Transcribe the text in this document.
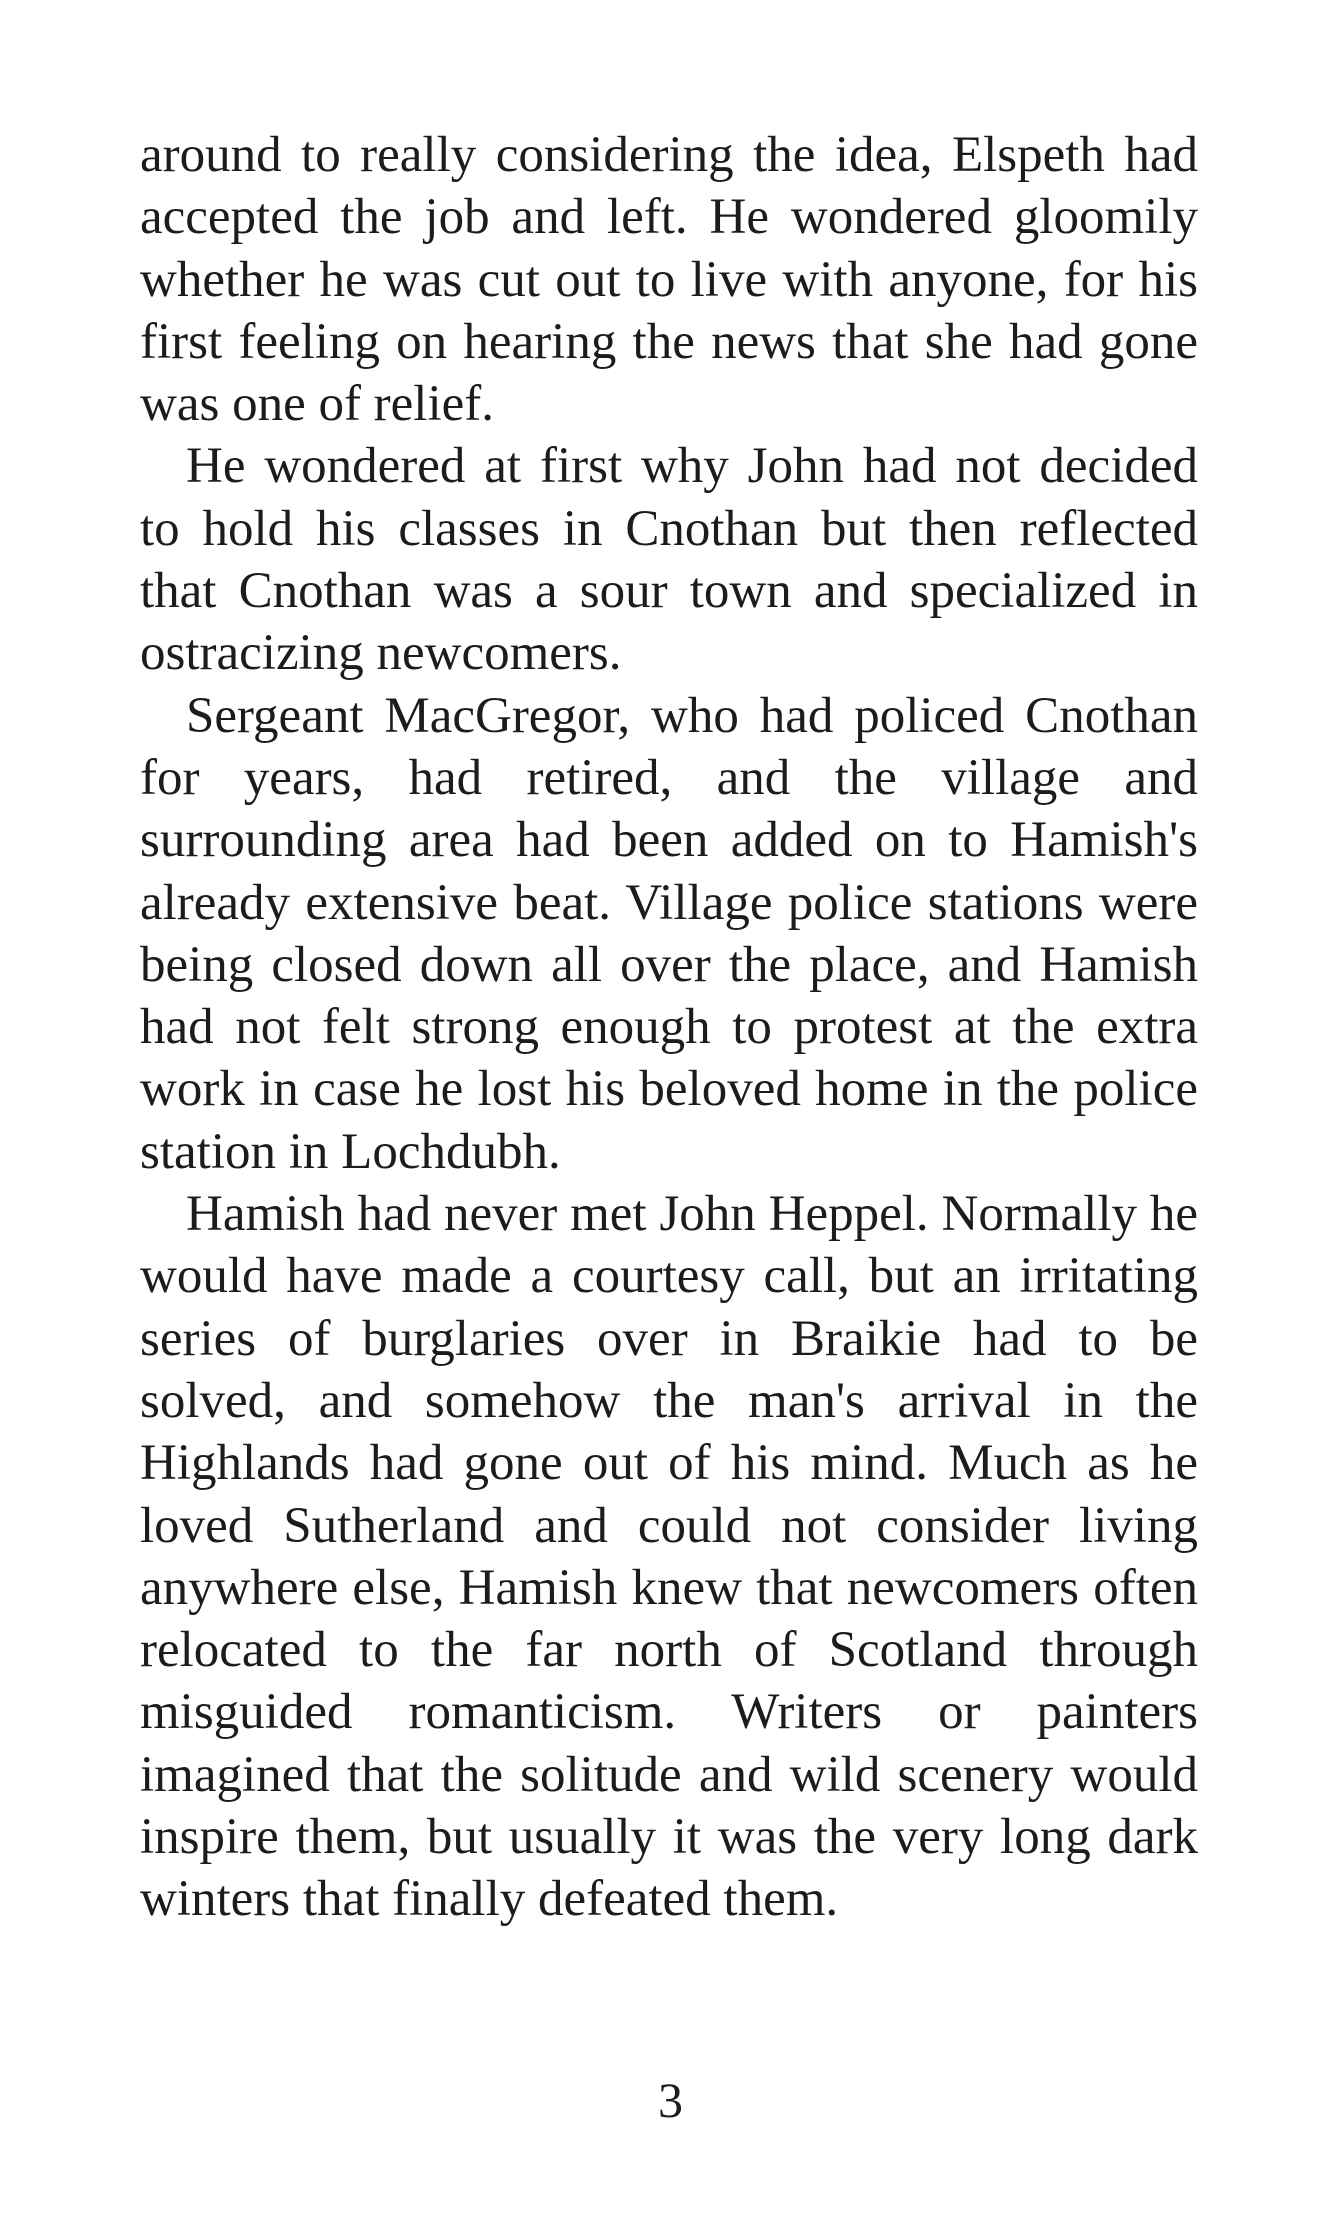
around to really considering the idea, Elspeth had accepted the job and left. He wondered gloomily whether he was cut out to live with anyone, for his first feeling on hearing the news that she had gone was one of relief.

He wondered at first why John had not decided to hold his classes in Cnothan but then reflected that Cnothan was a sour town and specialized in ostracizing newcomers.

Sergeant MacGregor, who had policed Cnothan for years, had retired, and the village and surrounding area had been added on to Hamish's already extensive beat. Village police stations were being closed down all over the place, and Hamish had not felt strong enough to protest at the extra work in case he lost his beloved home in the police station in Lochdubh.

Hamish had never met John Heppel. Normally he would have made a courtesy call, but an irritating series of burglaries over in Braikie had to be solved, and somehow the man's arrival in the Highlands had gone out of his mind. Much as he loved Sutherland and could not consider living anywhere else, Hamish knew that newcomers often relocated to the far north of Scotland through misguided romanticism. Writers or painters imagined that the solitude and wild scenery would inspire them, but usually it was the very long dark winters that finally defeated them.

3
